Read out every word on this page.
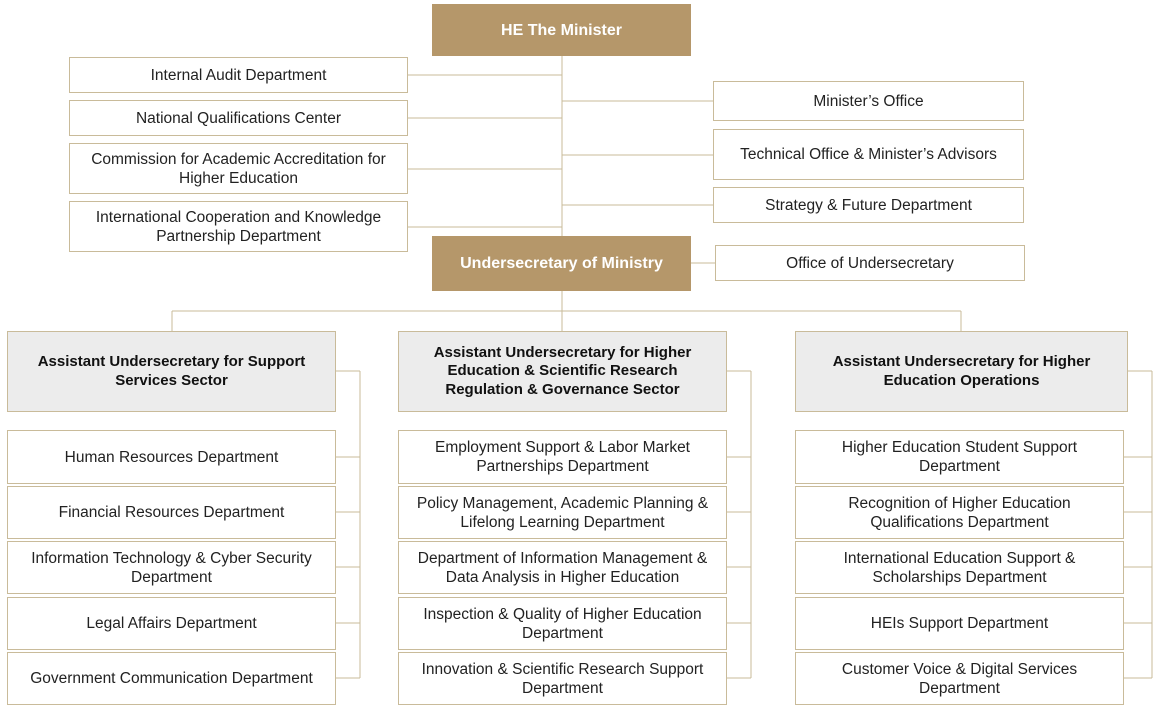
HE The Minister
Internal Audit Department
National Qualifications Center
Commission for Academic Accreditation for Higher Education
International Cooperation and Knowledge Partnership Department
Minister’s Office
Technical Office & Minister’s Advisors
Strategy & Future Department
Undersecretary of Ministry	Office of Undersecretary
Assistant Undersecretary for Support Services Sector
Human Resources Department
Financial Resources Department
Information Technology & Cyber Security Department
Legal Affairs Department
Government Communication Department
Assistant Undersecretary for Higher Education & Scientific Research Regulation & Governance Sector
Employment Support & Labor Market Partnerships Department
Policy Management, Academic Planning & Lifelong Learning Department
Department of Information Management & Data Analysis in Higher Education
Inspection & Quality of Higher Education Department
Innovation & Scientific Research Support Department
Assistant Undersecretary for Higher Education Operations
Higher Education Student Support Department
Recognition of Higher Education Qualifications Department
International Education Support & Scholarships Department
HEIs Support Department
Customer Voice & Digital Services Department
